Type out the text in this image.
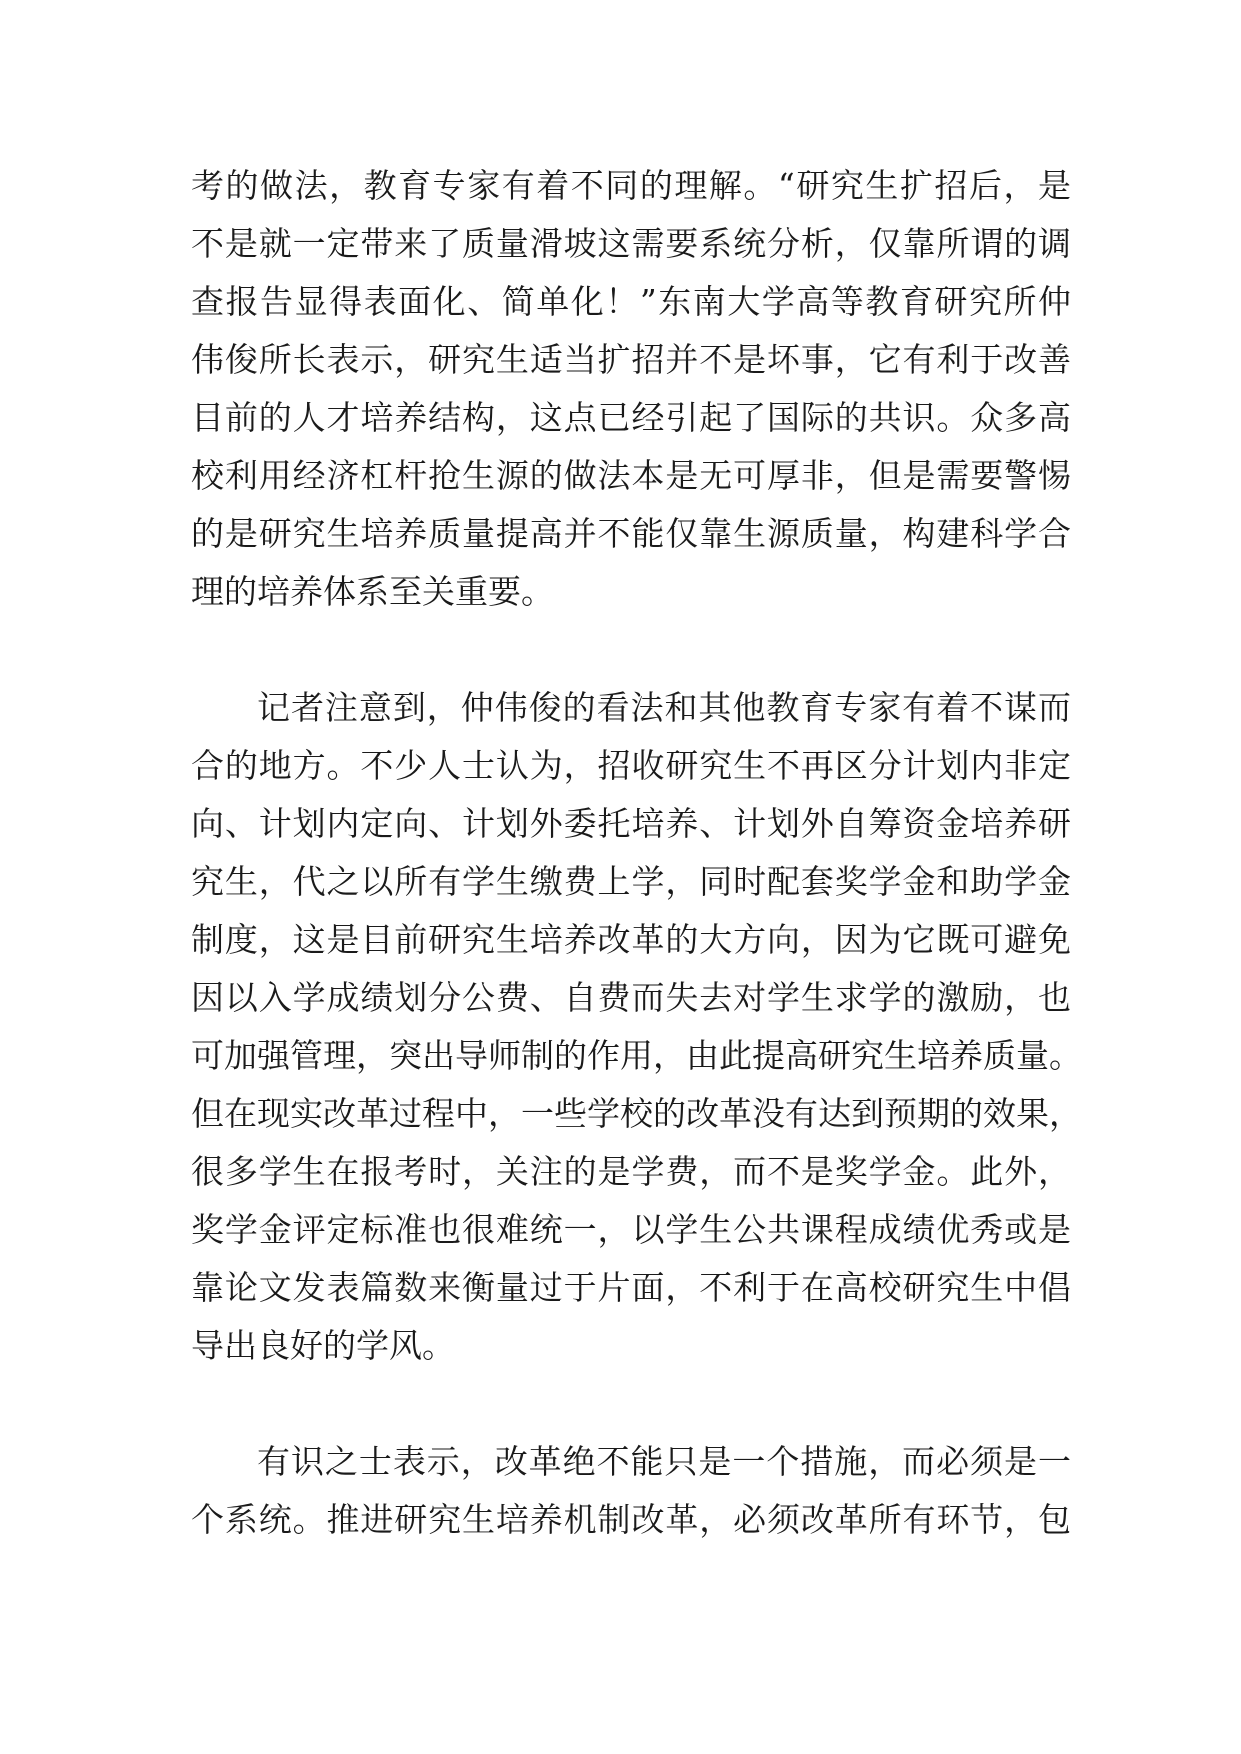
考的做法，教育专家有着不同的理解。“研究生扩招后，是
不是就一定带来了质量滑坡这需要系统分析，仅靠所谓的调
查报告显得表面化、简单化！”东南大学高等教育研究所仲
伟俊所长表示，研究生适当扩招并不是坏事，它有利于改善
目前的人才培养结构，这点已经引起了国际的共识。众多高
校利用经济杠杆抢生源的做法本是无可厚非，但是需要警惕
的是研究生培养质量提高并不能仅靠生源质量，构建科学合
理的培养体系至关重要。
记者注意到，仲伟俊的看法和其他教育专家有着不谋而
合的地方。不少人士认为，招收研究生不再区分计划内非定
向、计划内定向、计划外委托培养、计划外自筹资金培养研
究生，代之以所有学生缴费上学，同时配套奖学金和助学金
制度，这是目前研究生培养改革的大方向，因为它既可避免
因以入学成绩划分公费、自费而失去对学生求学的激励，也
可加强管理，突出导师制的作用，由此提高研究生培养质量。
但在现实改革过程中，一些学校的改革没有达到预期的效果，
很多学生在报考时，关注的是学费，而不是奖学金。此外，
奖学金评定标准也很难统一，以学生公共课程成绩优秀或是
靠论文发表篇数来衡量过于片面，不利于在高校研究生中倡
导出良好的学风。
有识之士表示，改革绝不能只是一个措施，而必须是一
个系统。推进研究生培养机制改革，必须改革所有环节，包
